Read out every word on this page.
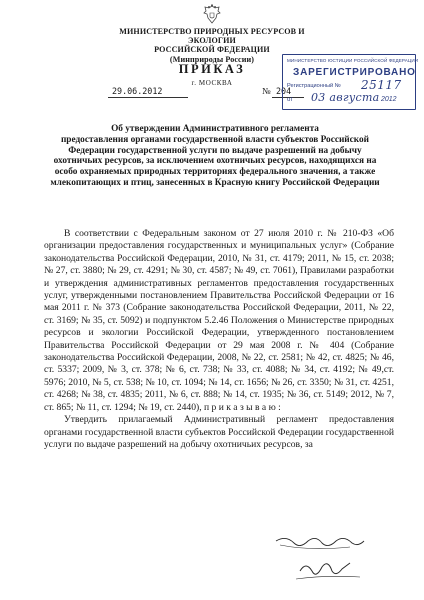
МИНИСТЕРСТВО ПРИРОДНЫХ РЕСУРСОВ И ЭКОЛОГИИ
РОССИЙСКОЙ ФЕДЕРАЦИИ
(Минприроды России)
ПРИКАЗ
г. МОСКВА
29.06.2012	№ 204
МИНИСТЕРСТВО ЮСТИЦИИ РОССИЙСКОЙ ФЕДЕРАЦИИ
ЗАРЕГИСТРИРОВАНО
Регистрационный № 25117
от 03 августа 2012
Об утверждении Административного регламента
предоставления органами государственной власти субъектов Российской
Федерации государственной услуги по выдаче разрешений на добычу
охотничьих ресурсов, за исключением охотничьих ресурсов, находящихся на
особо охраняемых природных территориях федерального значения, а также
млекопитающих и птиц, занесенных в Красную книгу Российской Федерации

В соответствии с Федеральным законом от 27 июля 2010 г. № 210-ФЗ «Об организации предоставления государственных и муниципальных услуг» (Собрание законодательства Российской Федерации, 2010, № 31, ст. 4179; 2011, № 15, ст. 2038; № 27, ст. 3880; № 29, ст. 4291; № 30, ст. 4587; № 49, ст. 7061), Правилами разработки и утверждения административных регламентов предоставления государственных услуг, утвержденными постановлением Правительства Российской Федерации от 16 мая 2011 г. № 373 (Собрание законодательства Российской Федерации, 2011, № 22, ст. 3169; № 35, ст. 5092) и подпунктом 5.2.46 Положения о Министерстве природных ресурсов и экологии Российской Федерации, утвержденного постановлением Правительства Российской Федерации от 29 мая 2008 г. № 404 (Собрание законодательства Российской Федерации, 2008, № 22, ст. 2581; № 42, ст. 4825; № 46, ст. 5337; 2009, № 3, ст. 378; № 6, ст. 738; № 33, ст. 4088; № 34, ст. 4192; № 49,ст. 5976; 2010, № 5, ст. 538; № 10, ст. 1094; № 14, ст. 1656; № 26, ст. 3350; № 31, ст. 4251, ст. 4268; № 38, ст. 4835; 2011, № 6, ст. 888; № 14, ст. 1935; № 36, ст. 5149; 2012, № 7, ст. 865; № 11, ст. 1294; № 19, ст. 2440), п р и к а з ы в а ю :

Утвердить прилагаемый Административный регламент предоставления органами государственной власти субъектов Российской Федерации государственной услуги по выдаче разрешений на добычу охотничьих ресурсов, за
